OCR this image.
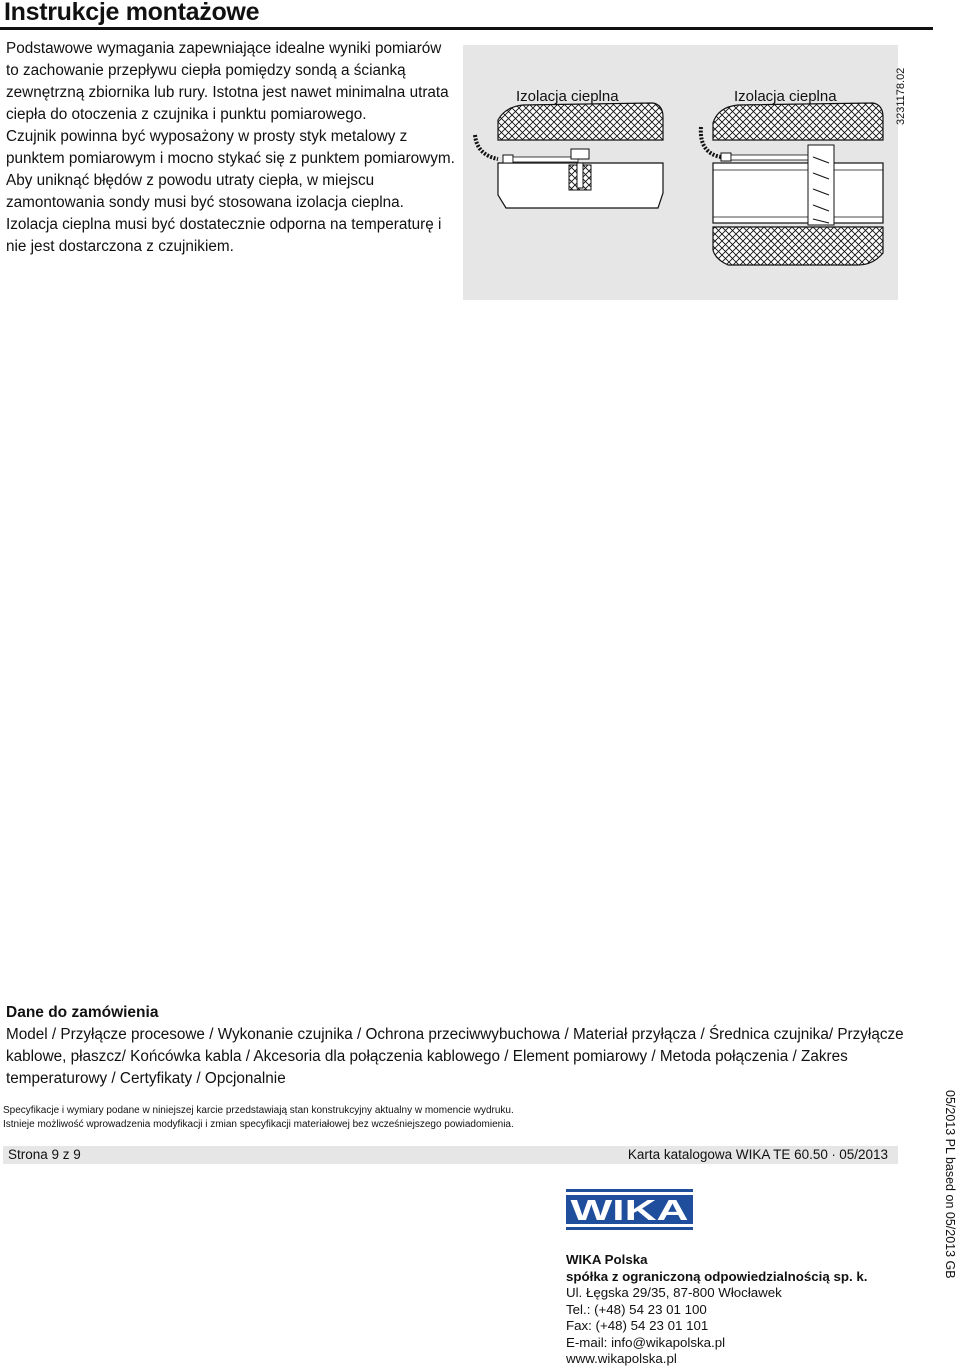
Instrukcje montażowe

Podstawowe wymagania zapewniające idealne wyniki pomiarów to zachowanie przepływu ciepła pomiędzy sondą a ścianką zewnętrzną zbiornika lub rury. Istotna jest nawet minimalna utrata ciepła do otoczenia z czujnika i punktu pomiarowego.

Czujnik powinna być wyposażony w prosty styk metalowy z punktem pomiarowym i mocno stykać się z punktem pomiarowym.

Aby uniknąć błędów z powodu utraty ciepła, w miejscu zamontowania sondy musi być stosowana izolacja cieplna. Izolacja cieplna musi być dostatecznie odporna na temperaturę i nie jest dostarczona z czujnikiem.

Izolacja cieplna	Izolacja cieplna	3231178.02
Dane do zamówienia
Model / Przyłącze procesowe / Wykonanie czujnika / Ochrona przeciwwybuchowa / Materiał przyłącza / Średnica czujnika/ Przyłącze kablowe, płaszcz/ Końcówka kabla / Akcesoria dla połączenia kablowego / Element pomiarowy / Metoda połączenia / Zakres temperaturowy / Certyfikaty / Opcjonalnie

Specyfikacje i wymiary podane w niniejszej karcie przedstawiają stan konstrukcyjny aktualny w momencie wydruku.

Istnieje możliwość wprowadzenia modyfikacji i zmian specyfikacji materiałowej bez wcześniejszego powiadomienia.

Strona 9 z 9	Karta katalogowa WIKA TE 60.50 ∙ 05/2013	05/2013 PL based on 05/2013 GB
WIKA
WIKA Polska
spółka z ograniczoną odpowiedzialnością sp. k.
Ul. Łęgska 29/35, 87-800 Włocławek
Tel.: (+48) 54 23 01 100
Fax: (+48) 54 23 01 101
E-mail: info@wikapolska.pl
www.wikapolska.pl
